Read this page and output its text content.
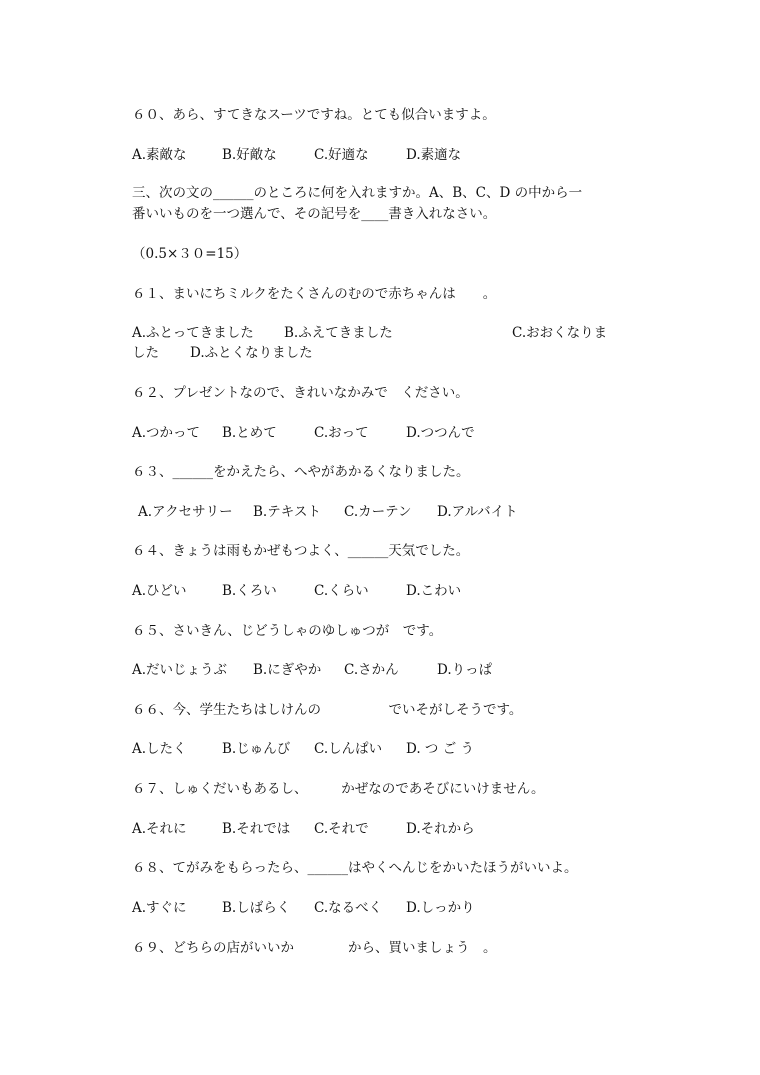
６０、あら、すてきなスーツですね。とても似合いますよ。
A.素敵な	B.好敵な	C.好適な	D.素適な
三、次の文の______のところに何を入れますか。A、B、C、D の中から一
番いいものを一つ選んで、その記号を____書き入れなさい。
（0.5×３０=15）
６１、まいにちミルクをたくさんのむので赤ちゃんは　　。
A.ふとってきました B.ふえてきました	C.おおくなりま
した D.ふとくなりました
６２、プレゼントなので、きれいなかみで　ください。
A.つかって B.とめて	C.おって	D.つつんで
６３、______をかえたら、へやがあかるくなりました。
A.アクセサリー B.テキスト C.カーテン D.アルバイト
６４、きょうは雨もかぜもつよく、______天気でした。
A.ひどい	B.くろい	C.くらい	D.こわい
６５、さいきん、じどうしゃのゆしゅつが　です。
A.だいじょうぶ B.にぎやか C.さかん	D.りっぱ
６６、今、学生たちはしけんの　　　　　でいそがしそうです。
A.したく	B.じゅんび C.しんぱい D. つ ご う
６７、しゅくだいもあるし、　　　かぜなのであそびにいけません。
A.それに	B.それでは C.それで	D.それから
６８、てがみをもらったら、______はやくへんじをかいたほうがいいよ。
A.すぐに	B.しばらく C.なるべく D.しっかり
６９、どちらの店がいいか　　　　から、買いましょう　。
